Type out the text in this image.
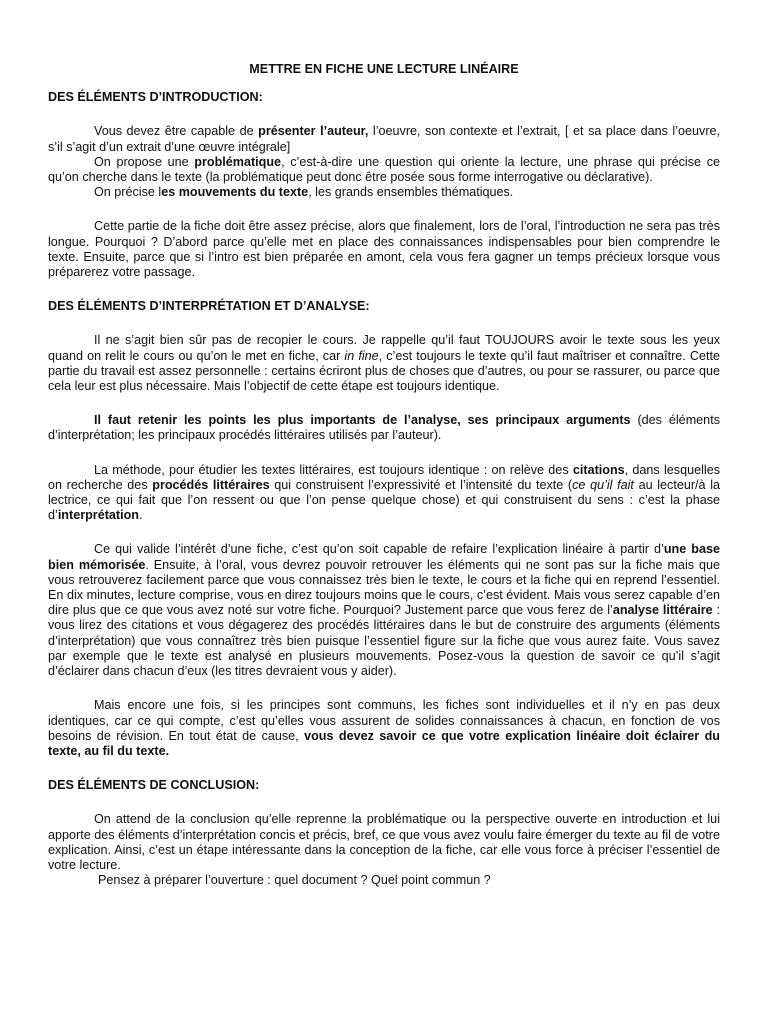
METTRE EN FICHE UNE LECTURE LINÉAIRE
DES ÉLÉMENTS D’INTRODUCTION:

Vous devez être capable de présenter l’auteur, l’oeuvre, son contexte et l’extrait, [ et sa place dans l’oeuvre, s’il s’agit d’un extrait d’une œuvre intégrale]

On propose une problématique, c’est-à-dire une question qui oriente la lecture, une phrase qui précise ce qu’on cherche dans le texte (la problématique peut donc être posée sous forme interrogative ou déclarative).

On précise les mouvements du texte, les grands ensembles thématiques.

Cette partie de la fiche doit être assez précise, alors que finalement, lors de l’oral, l’introduction ne sera pas très longue. Pourquoi ? D’abord parce qu’elle met en place des connaissances indispensables pour bien comprendre le texte. Ensuite, parce que si l’intro est bien préparée en amont, cela vous fera gagner un temps précieux lorsque vous préparerez votre passage.

DES ÉLÉMENTS D’INTERPRÉTATION ET D’ANALYSE:

Il ne s’agit bien sûr pas de recopier le cours. Je rappelle qu’il faut TOUJOURS avoir le texte sous les yeux quand on relit le cours ou qu’on le met en fiche, car in fine, c’est toujours le texte qu’il faut maîtriser et connaître. Cette partie du travail est assez personnelle : certains écriront plus de choses que d’autres, ou pour se rassurer, ou parce que cela leur est plus nécessaire. Mais l’objectif de cette étape est toujours identique.

Il faut retenir les points les plus importants de l’analyse, ses principaux arguments (des éléments d’interprétation; les principaux procédés littéraires utilisés par l’auteur).

La méthode, pour étudier les textes littéraires, est toujours identique : on relève des citations, dans lesquelles on recherche des procédés littéraires qui construisent l’expressivité et l’intensité du texte (ce qu’il fait au lecteur/à la lectrice, ce qui fait que l’on ressent ou que l’on pense quelque chose) et qui construisent du sens : c’est la phase d’interprétation.

Ce qui valide l’intérêt d’une fiche, c’est qu’on soit capable de refaire l’explication linéaire à partir d’une base bien mémorisée. Ensuite, à l’oral, vous devrez pouvoir retrouver les éléments qui ne sont pas sur la fiche mais que vous retrouverez facilement parce que vous connaissez très bien le texte, le cours et la fiche qui en reprend l’essentiel. En dix minutes, lecture comprise, vous en direz toujours moins que le cours, c’est évident. Mais vous serez capable d’en dire plus que ce que vous avez noté sur votre fiche. Pourquoi? Justement parce que vous ferez de l’analyse littéraire : vous lirez des citations et vous dégagerez des procédés littéraires dans le but de construire des arguments (éléments d’interprétation) que vous connaîtrez très bien puisque l’essentiel figure sur la fiche que vous aurez faite. Vous savez par exemple que le texte est analysé en plusieurs mouvements. Posez-vous la question de savoir ce qu’il s’agit d’éclairer dans chacun d’eux (les titres devraient vous y aider).

Mais encore une fois, si les principes sont communs, les fiches sont individuelles et il n’y en pas deux identiques, car ce qui compte, c’est qu’elles vous assurent de solides connaissances à chacun, en fonction de vos besoins de révision. En tout état de cause, vous devez savoir ce que votre explication linéaire doit éclairer du texte, au fil du texte.

DES ÉLÉMENTS DE CONCLUSION:

On attend de la conclusion qu’elle reprenne la problématique ou la perspective ouverte en introduction et lui apporte des éléments d’interprétation concis et précis, bref, ce que vous avez voulu faire émerger du texte au fil de votre explication. Ainsi, c’est un étape intéressante dans la conception de la fiche, car elle vous force à préciser l’essentiel de votre lecture.

Pensez à préparer l’ouverture : quel document ? Quel point commun ?
